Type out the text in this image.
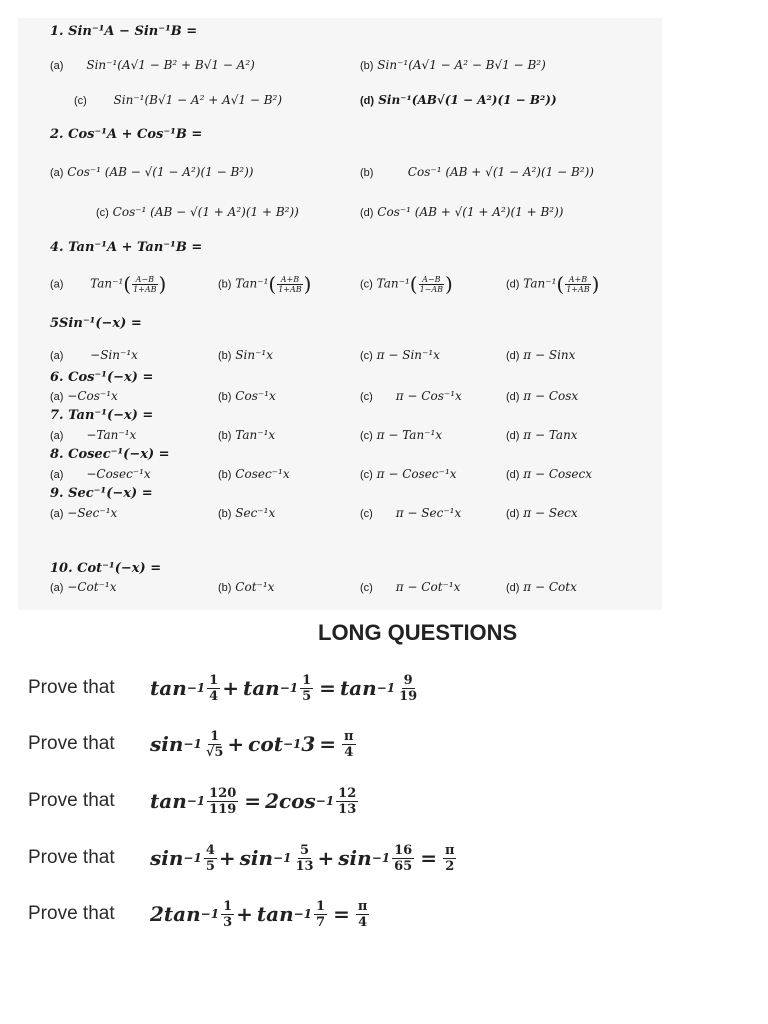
1. Sin⁻¹A − Sin⁻¹B =
(a) Sin⁻¹(A√1 − B² + B√1 − A²)	(b) Sin⁻¹(A√1 − A² − B√1 − B²)
(c) Sin⁻¹(B√1 − A² + A√1 − B²)	(d) Sin⁻¹(AB√(1 − A²)(1 − B²))
2. Cos⁻¹A + Cos⁻¹B =
(a) Cos⁻¹ (AB − √(1 − A²)(1 − B²))	(b)	Cos⁻¹ (AB + √(1 − A²)(1 − B²))
(c) Cos⁻¹ (AB − √(1 + A²)(1 + B²))	(d) Cos⁻¹ (AB + √(1 + A²)(1 + B²))
4. Tan⁻¹A + Tan⁻¹B =
(a) $Tan^{-1}( \frac{A-B}{1+AB}$ )	(b) $Tan^{-1}( \frac{A+B}{1+AB}$ )	(c) $Tan^{-1}( \frac{A-B}{1-AB}$ )	(d) $Tan^{-1}( \frac{A+B}{1+AB}$ )
5Sin⁻¹(−x) =
(a) −Sin⁻¹x	(b) Sin⁻¹x	(c) π − Sin⁻¹x	(d) π − Sinx
6. Cos⁻¹(−x) =
(a) −Cos⁻¹x	(b) Cos⁻¹x	(c) π − Cos⁻¹x	(d) π − Cosx
7. Tan⁻¹(−x) =
(a) −Tan⁻¹x	(b) Tan⁻¹x	(c) π − Tan⁻¹x	(d) π − Tanx
8. Cosec⁻¹(−x) =
(a) −Cosec⁻¹x	(b) Cosec⁻¹x	(c) π − Cosec⁻¹x	(d) π − Cosecx
9. Sec⁻¹(−x) =
(a) −Sec⁻¹x	(b) Sec⁻¹x	(c) π − Sec⁻¹x	(d) π − Secx
10. Cot⁻¹(−x) =
(a) −Cot⁻¹x	(b) Cot⁻¹x	(c) π − Cot⁻¹x	(d) π − Cotx
LONG QUESTIONS
Prove that	$\tan -1 \frac{1}{4} + \tan -1 \frac{1}{5} = \tan -1 \frac{9}{19}$
Prove that	$\sin -1 \frac{1}{√5} + \cot -1$ $3 = \frac{\pi}{4}$
Prove that	$\tan -1 \frac{120}{119} = 2\cos -1 \frac{12}{13}$
Prove that	$\sin -1 \frac{4}{5} + \sin -1 \frac{5}{13} + \sin -1 \frac{16}{65} = \frac{\pi}{2}$
Prove that	$2\tan -1 \frac{1}{3} + \tan -1 \frac{1}{7} = \frac{\pi}{4}$
